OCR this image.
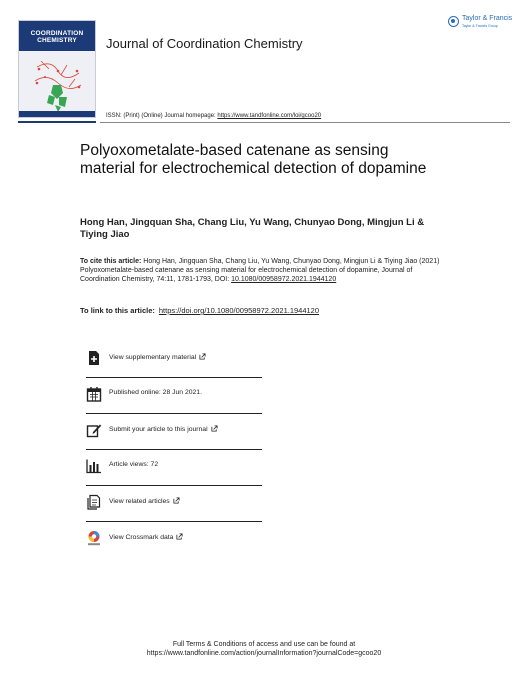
COORDINATION
CHEMISTRY	Journal of Coordination Chemistry
Taylor & Francis
Taylor & Francis Group
ISSN: (Print) (Online) Journal homepage: https://www.tandfonline.com/loi/gcoo20
Polyoxometalate-based catenane as sensing material for electrochemical detection of dopamine
Hong Han, Jingquan Sha, Chang Liu, Yu Wang, Chunyao Dong, Mingjun Li & Tiying Jiao
To cite this article: Hong Han, Jingquan Sha, Chang Liu, Yu Wang, Chunyao Dong, Mingjun Li & Tiying Jiao (2021) Polyoxometalate-based catenane as sensing material for electrochemical detection of dopamine, Journal of Coordination Chemistry, 74:11, 1781-1793, DOI: 10.1080/00958972.2021.1944120
To link to this article: https://doi.org/10.1080/00958972.2021.1944120
View supplementary material
Published online: 28 Jun 2021.
Submit your article to this journal
Article views: 72
View related articles
View Crossmark data
Full Terms & Conditions of access and use can be found at
https://www.tandfonline.com/action/journalInformation?journalCode=gcoo20
